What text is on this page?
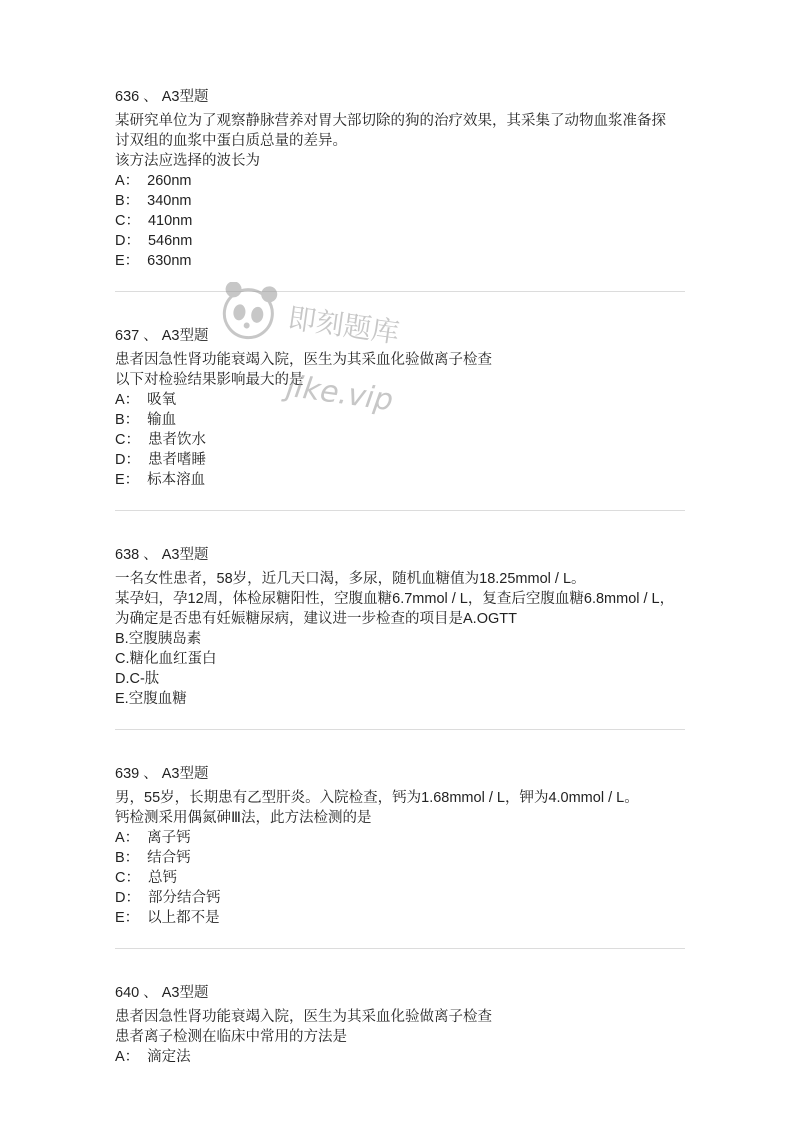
636 、 A3型题
某研究单位为了观察静脉营养对胃大部切除的狗的治疗效果，其采集了动物血浆准备探
讨双组的血浆中蛋白质总量的差异。
该方法应选择的波长为
A： 260nm
B： 340nm
C： 410nm
D： 546nm
E： 630nm
637 、 A3型题
患者因急性肾功能衰竭入院，医生为其采血化验做离子检查
以下对检验结果影响最大的是
A： 吸氧
B： 输血
C： 患者饮水
D： 患者嗜睡
E： 标本溶血
638 、 A3型题
一名女性患者，58岁，近几天口渴，多尿，随机血糖值为18.25mmol / L。
某孕妇，孕12周，体检尿糖阳性，空腹血糖6.7mmol / L，复查后空腹血糖6.8mmol / L，
为确定是否患有妊娠糖尿病，建议进一步检查的项目是A.OGTT
B.空腹胰岛素
C.糖化血红蛋白
D.C-肽
E.空腹血糖
639 、 A3型题
男，55岁，长期患有乙型肝炎。入院检查，钙为1.68mmol / L，钾为4.0mmol / L。
钙检测采用偶氮砷Ⅲ法，此方法检测的是
A： 离子钙
B： 结合钙
C： 总钙
D： 部分结合钙
E： 以上都不是
640 、 A3型题
患者因急性肾功能衰竭入院，医生为其采血化验做离子检查
患者离子检测在临床中常用的方法是
A： 滴定法
即刻题库
jike.vip
